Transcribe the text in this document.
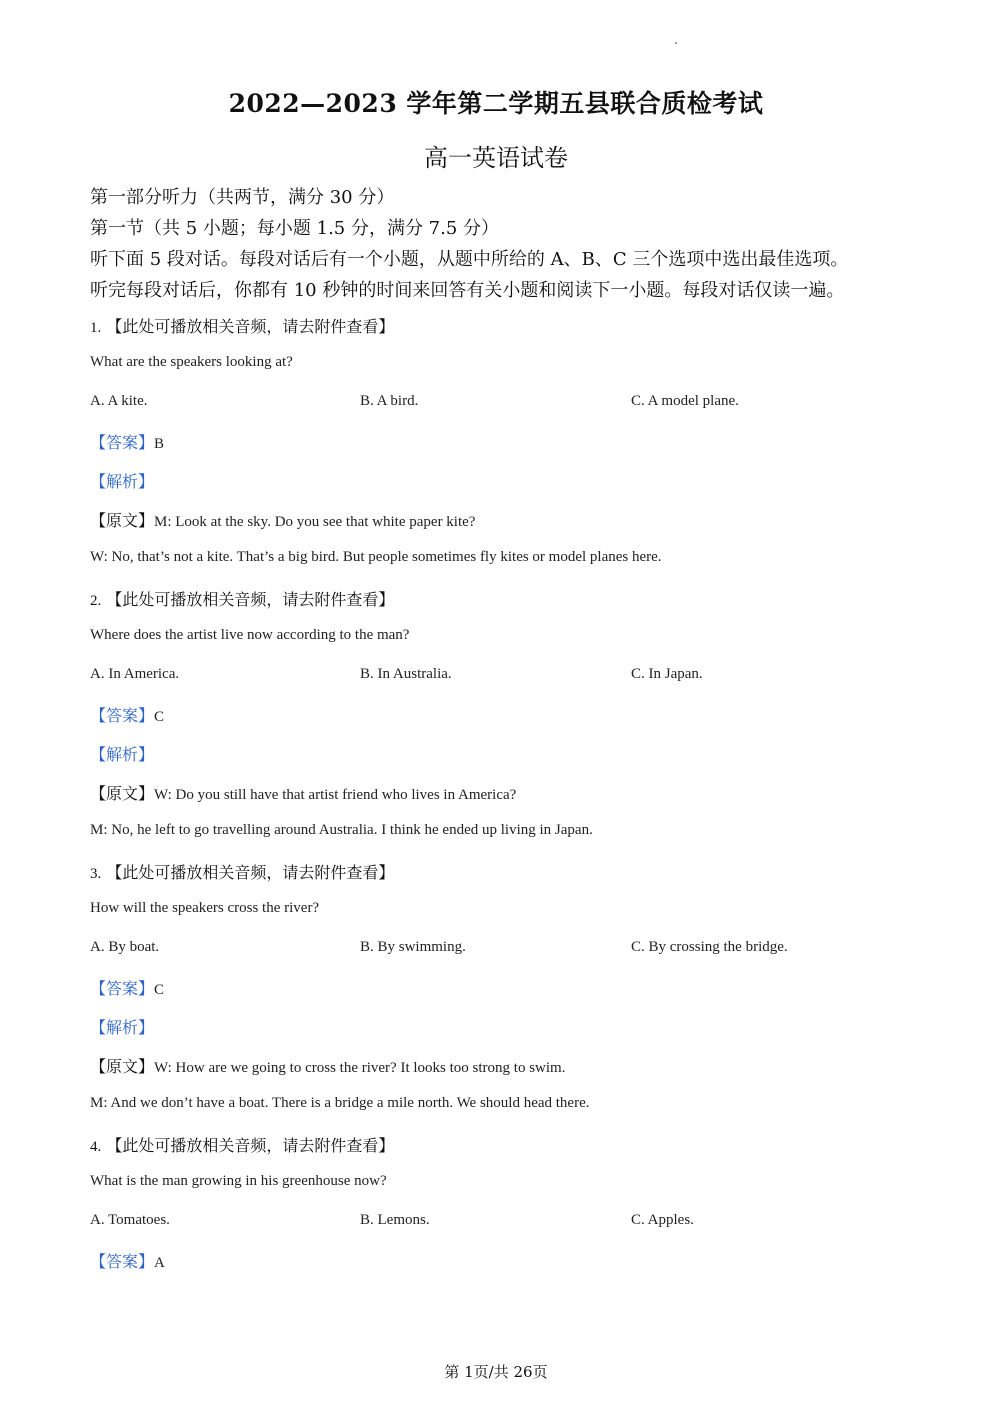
2022—2023 学年第二学期五县联合质检考试
高一英语试卷
第一部分听力（共两节，满分 30 分）
第一节（共 5 小题；每小题 1.5 分，满分 7.5 分）
听下面 5 段对话。每段对话后有一个小题，从题中所给的 A、B、C 三个选项中选出最佳选项。
听完每段对话后，你都有 10 秒钟的时间来回答有关小题和阅读下一小题。每段对话仅读一遍。
1. 【此处可播放相关音频，请去附件查看】
What are the speakers looking at?
A. A kite.	B. A bird.	C. A model plane.
【答案】B
【解析】
【原文】M: Look at the sky. Do you see that white paper kite?
W: No, that’s not a kite. That’s a big bird. But people sometimes fly kites or model planes here.
2. 【此处可播放相关音频，请去附件查看】
Where does the artist live now according to the man?
A. In America.	B. In Australia.	C. In Japan.
【答案】C
【解析】
【原文】W: Do you still have that artist friend who lives in America?
M: No, he left to go travelling around Australia. I think he ended up living in Japan.
3. 【此处可播放相关音频，请去附件查看】
How will the speakers cross the river?
A. By boat.	B. By swimming.	C. By crossing the bridge.
【答案】C
【解析】
【原文】W: How are we going to cross the river? It looks too strong to swim.
M: And we don’t have a boat. There is a bridge a mile north. We should head there.
4. 【此处可播放相关音频，请去附件查看】
What is the man growing in his greenhouse now?
A. Tomatoes.	B. Lemons.	C. Apples.
【答案】A
第 1页/共 26页
